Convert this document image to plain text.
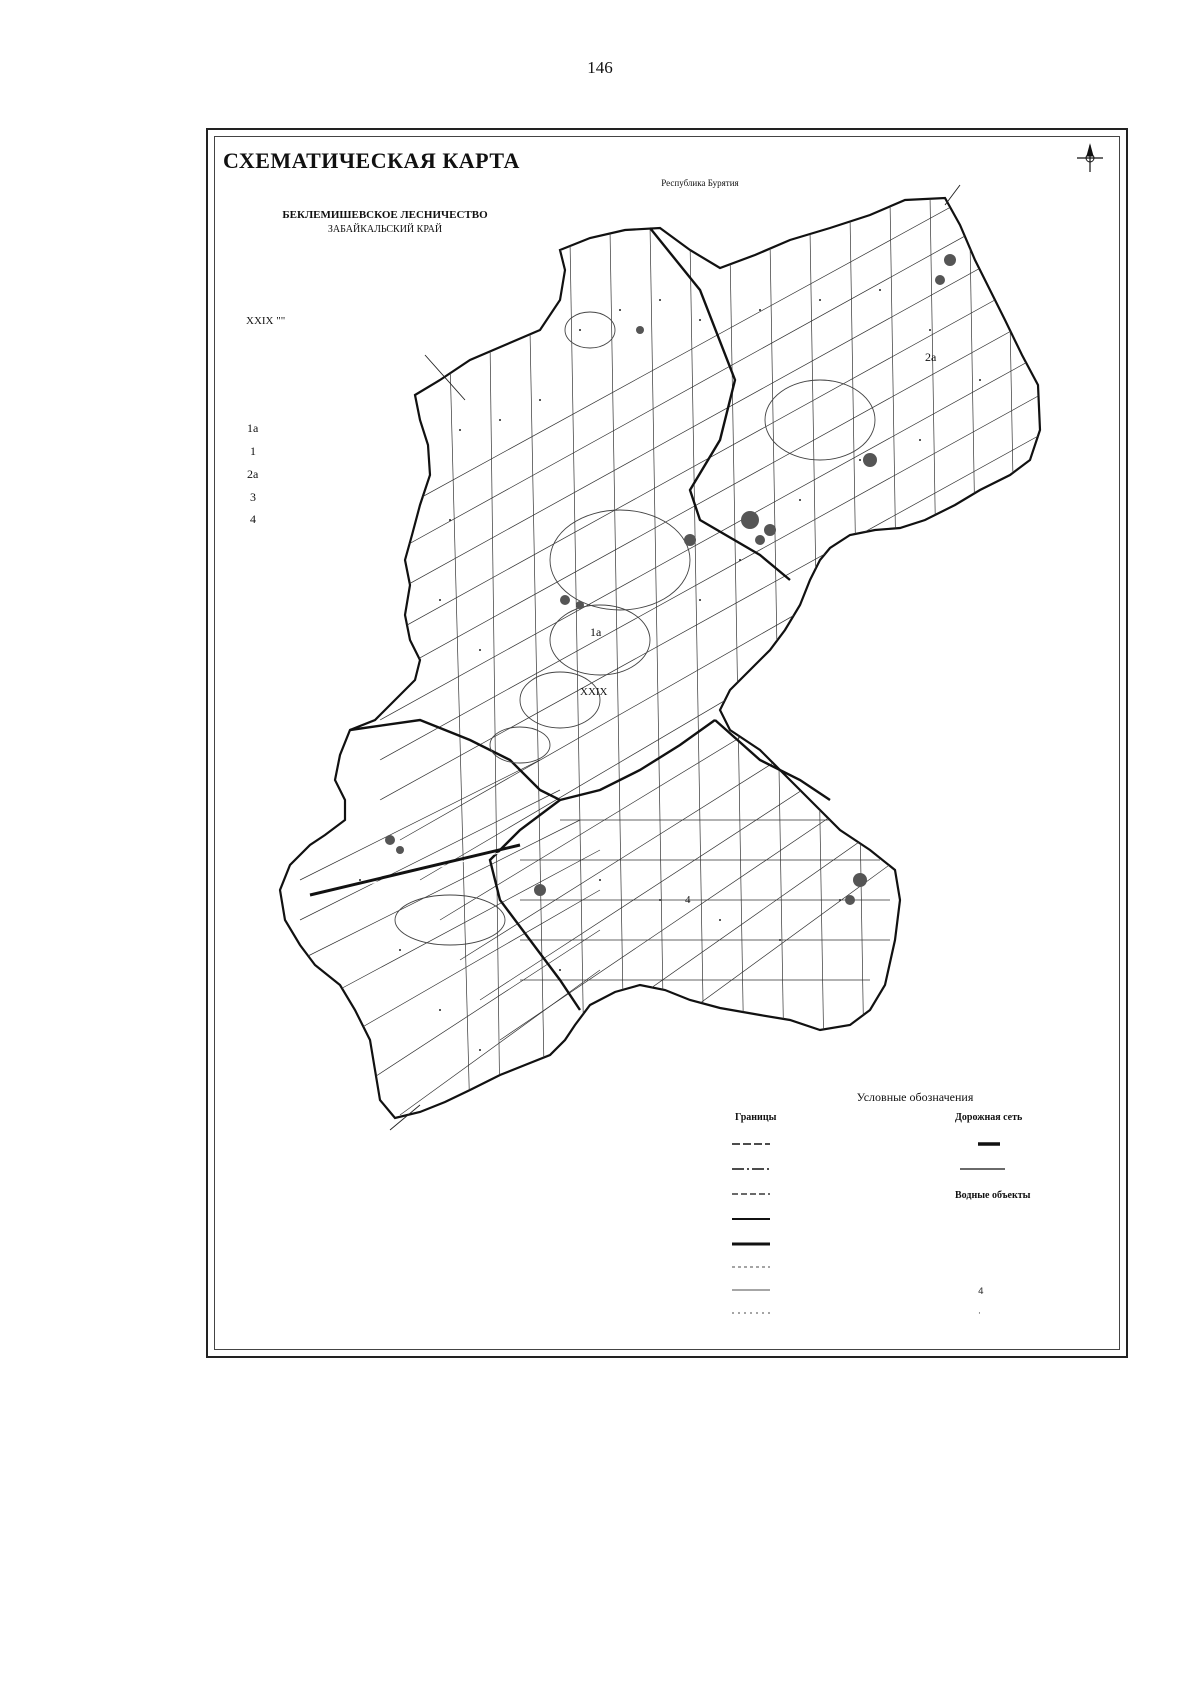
146
СХЕМАТИЧЕСКАЯ КАРТА
БЕКЛЕМИШЕВСКОЕ ЛЕСНИЧЕСТВО
ЗАБАЙКАЛЬСКИЙ КРАЙ
XXIX ""
1а
1
2а
3
4
4
·
Республика Бурятия
XXIX
1а
2а
4
Условные обозначения
Границы	Дорожная сеть
Водные объекты
